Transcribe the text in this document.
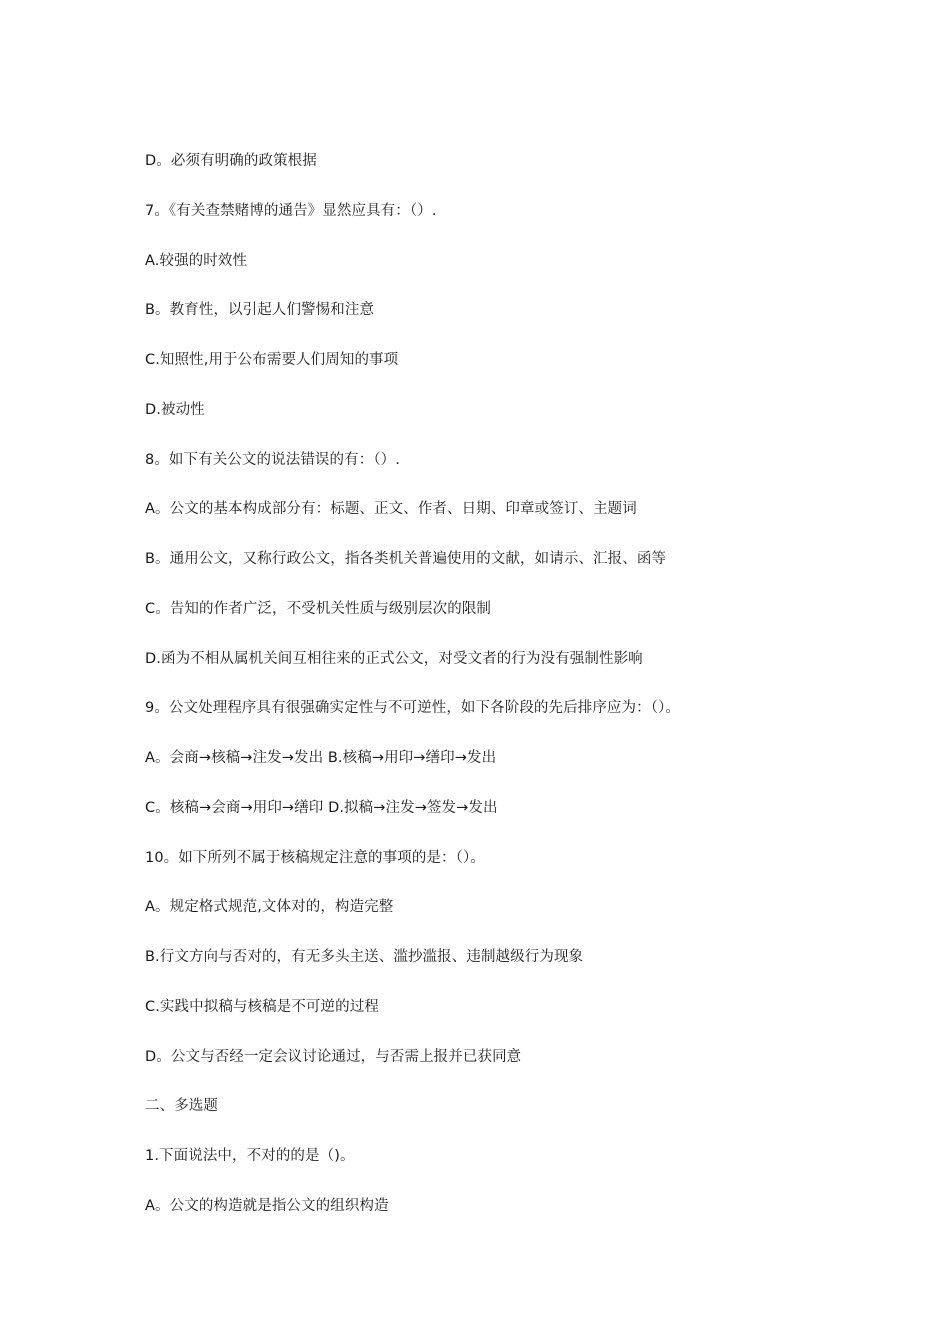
D。必须有明确的政策根据
7。《有关查禁赌博的通告》显然应具有：（）.
A.较强的时效性
B。教育性，以引起人们警惕和注意
C.知照性,用于公布需要人们周知的事项
D.被动性
8。如下有关公文的说法错误的有：（）.
A。公文的基本构成部分有：标题、正文、作者、日期、印章或签订、主题词
B。通用公文，又称行政公文，指各类机关普遍使用的文献，如请示、汇报、函等
C。告知的作者广泛，不受机关性质与级别层次的限制
D.函为不相从属机关间互相往来的正式公文，对受文者的行为没有强制性影响
9。公文处理程序具有很强确实定性与不可逆性，如下各阶段的先后排序应为：（）。
A。会商→核稿→注发→发出 B.核稿→用印→缮印→发出
C。核稿→会商→用印→缮印 D.拟稿→注发→签发→发出
10。如下所列不属于核稿规定注意的事项的是：（）。
A。规定格式规范,文体对的，构造完整
B.行文方向与否对的，有无多头主送、滥抄滥报、违制越级行为现象
C.实践中拟稿与核稿是不可逆的过程
D。公文与否经一定会议讨论通过，与否需上报并已获同意
二、多选题
1.下面说法中，不对的的是（)。
A。公文的构造就是指公文的组织构造
